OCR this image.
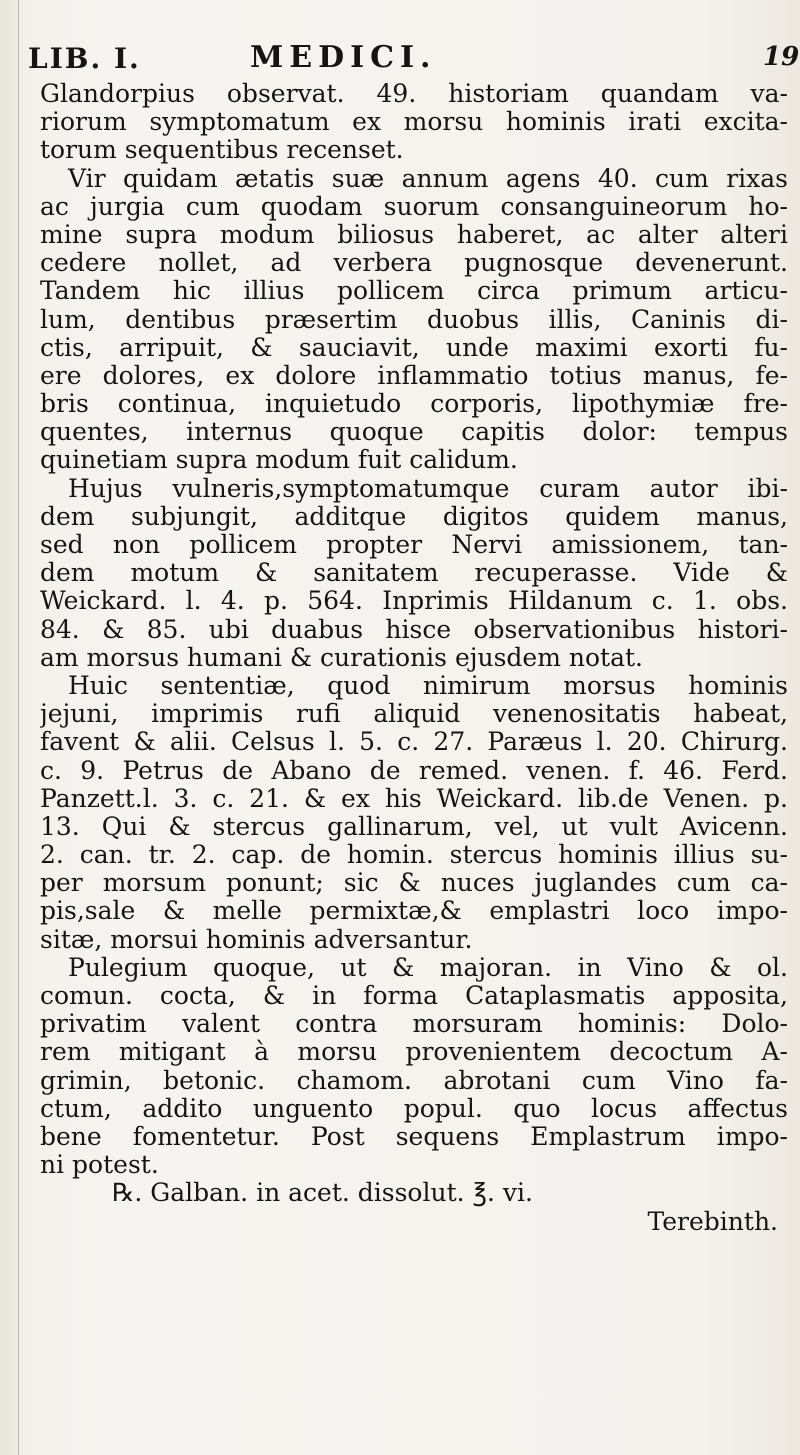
LIB. I.	MEDICI.	19
Glandorpius observat. 49. historiam quandam va-
riorum symptomatum ex morsu hominis irati excita-
torum sequentibus recenset.
Vir quidam ætatis suæ annum agens 40. cum rixas
ac jurgia cum quodam suorum consanguineorum ho-
mine supra modum biliosus haberet, ac alter alteri
cedere nollet, ad verbera pugnosque devenerunt.
Tandem hic illius pollicem circa primum articu-
lum, dentibus præsertim duobus illis, Caninis di-
ctis, arripuit, & sauciavit, unde maximi exorti fu-
ere dolores, ex dolore inflammatio totius manus, fe-
bris continua, inquietudo corporis, lipothymiæ fre-
quentes, internus quoque capitis dolor: tempus
quinetiam supra modum fuit calidum.
Hujus vulneris,symptomatumque curam autor ibi-
dem subjungit, additque digitos quidem manus,
sed non pollicem propter Nervi amissionem, tan-
dem motum & sanitatem recuperasse. Vide &
Weickard. l. 4. p. 564. Inprimis Hildanum c. 1. obs.
84. & 85. ubi duabus hisce observationibus histori-
am morsus humani & curationis ejusdem notat.
Huic sententiæ, quod nimirum morsus hominis
jejuni, imprimis rufi aliquid venenositatis habeat,
favent & alii. Celsus l. 5. c. 27. Paræus l. 20. Chirurg.
c. 9. Petrus de Abano de remed. venen. f. 46. Ferd.
Panzett.l. 3. c. 21. & ex his Weickard. lib.de Venen. p.
13. Qui & stercus gallinarum, vel, ut vult Avicenn.
2. can. tr. 2. cap. de homin. stercus hominis illius su-
per morsum ponunt; sic & nuces juglandes cum ca-
pis,sale & melle permixtæ,& emplastri loco impo-
sitæ, morsui hominis adversantur.
Pulegium quoque, ut & majoran. in Vino & ol.
comun. cocta, & in forma Cataplasmatis apposita,
privatim valent contra morsuram hominis: Dolo-
rem mitigant à morsu provenientem decoctum A-
grimin, betonic. chamom. abrotani cum Vino fa-
ctum, addito unguento popul. quo locus affectus
bene fomentetur. Post sequens Emplastrum impo-
ni potest.
℞. Galban. in acet. dissolut. ℥. vi.
Terebinth.
